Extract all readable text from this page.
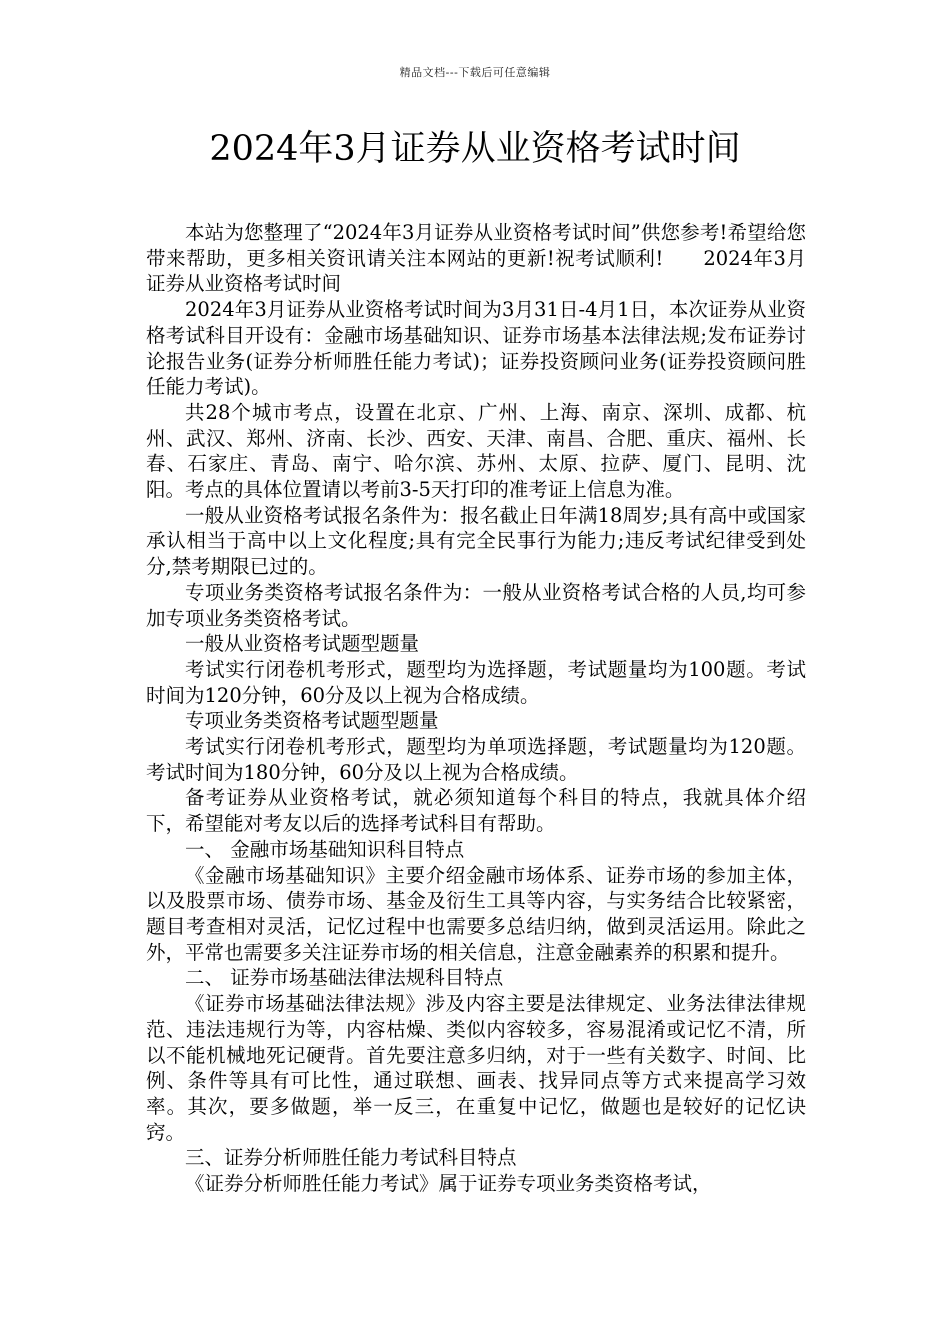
精品文档---下载后可任意编辑
2024年3月证券从业资格考试时间

本站为您整理了“2024年3月证券从业资格考试时间”供您参考!希望给您带来帮助，更多相关资讯请关注本网站的更新!祝考试顺利! 2024年3月证券从业资格考试时间

2024年3月证券从业资格考试时间为3月31日-4月1日，本次证券从业资格考试科目开设有：金融市场基础知识、证券市场基本法律法规;发布证券讨论报告业务(证券分析师胜任能力考试)；证券投资顾问业务(证券投资顾问胜任能力考试)。

共28个城市考点，设置在北京、广州、上海、南京、深圳、成都、杭州、武汉、郑州、济南、长沙、西安、天津、南昌、合肥、重庆、福州、长春、石家庄、青岛、南宁、哈尔滨、苏州、太原、拉萨、厦门、昆明、沈阳。考点的具体位置请以考前3-5天打印的准考证上信息为准。

一般从业资格考试报名条件为：报名截止日年满18周岁;具有高中或国家承认相当于高中以上文化程度;具有完全民事行为能力;违反考试纪律受到处分,禁考期限已过的。

专项业务类资格考试报名条件为：一般从业资格考试合格的人员,均可参加专项业务类资格考试。

一般从业资格考试题型题量

考试实行闭卷机考形式，题型均为选择题，考试题量均为100题。考试时间为120分钟，60分及以上视为合格成绩。

专项业务类资格考试题型题量

考试实行闭卷机考形式，题型均为单项选择题，考试题量均为120题。考试时间为180分钟，60分及以上视为合格成绩。

备考证券从业资格考试，就必须知道每个科目的特点，我就具体介绍下，希望能对考友以后的选择考试科目有帮助。

一、 金融市场基础知识科目特点

《金融市场基础知识》主要介绍金融市场体系、证券市场的参加主体，以及股票市场、债券市场、基金及衍生工具等内容，与实务结合比较紧密，题目考查相对灵活，记忆过程中也需要多总结归纳，做到灵活运用。除此之外，平常也需要多关注证券市场的相关信息，注意金融素养的积累和提升。

二、 证券市场基础法律法规科目特点

《证券市场基础法律法规》涉及内容主要是法律规定、业务法律法律规范、违法违规行为等，内容枯燥、类似内容较多，容易混淆或记忆不清，所以不能机械地死记硬背。首先要注意多归纳，对于一些有关数字、时间、比例、条件等具有可比性，通过联想、画表、找异同点等方式来提高学习效率。其次，要多做题，举一反三，在重复中记忆，做题也是较好的记忆诀窍。

三、证券分析师胜任能力考试科目特点

《证券分析师胜任能力考试》属于证券专项业务类资格考试，
